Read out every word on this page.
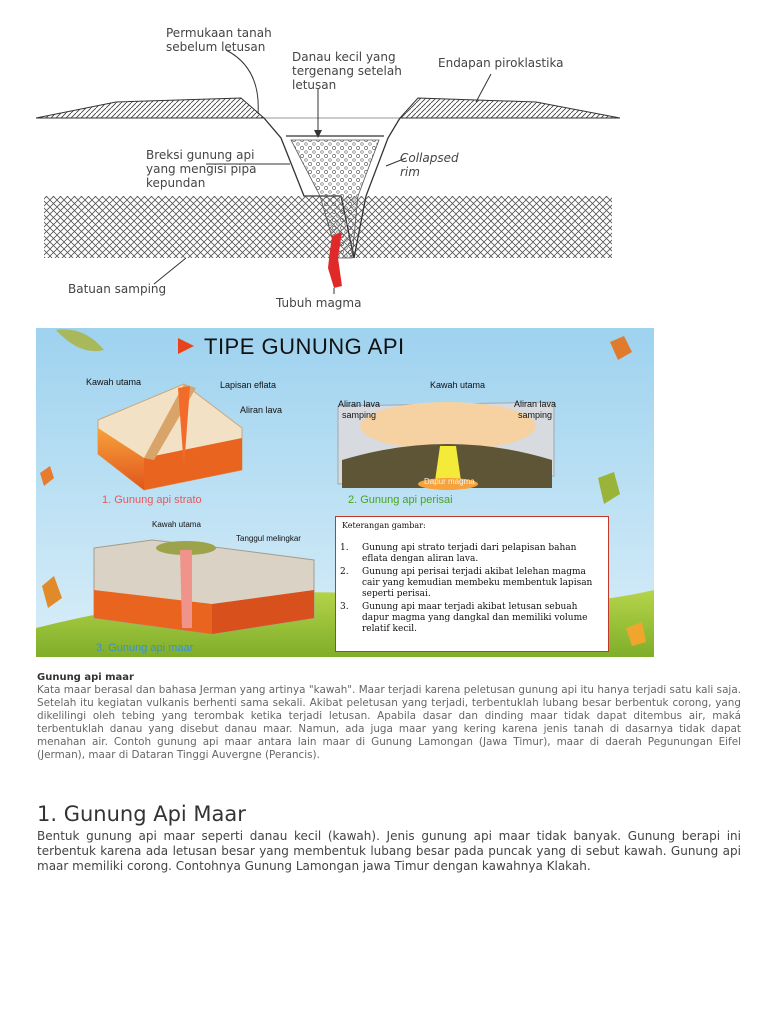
Permukaan tanah
sebelum letusan
Danau kecil yang
tergenang setelah
letusan
Endapan piroklastika
Breksi gunung api
yang mengisi pipa
kepundan
Collapsed
rim
Batuan samping
Tubuh magma
TIPE GUNUNG API
Kawah utama	Lapisan eflata
Aliran lava
1. Gunung api strato
Kawah utama
Aliran lava
samping
Aliran lava
samping
Dapur magma
2. Gunung api perisai
Kawah utama
Tanggul melingkar
3. Gunung api maar
Keterangan gambar:
1.	Gunung api strato terjadi dari pelapisan bahan eflata dengan aliran lava.
2.	Gunung api perisai terjadi akibat lelehan magma cair yang kemudian membeku membentuk lapisan seperti perisai.
3.	Gunung api maar terjadi akibat letusan sebuah dapur magma yang dangkal dan memiliki volume relatif kecil.
Gunung api maar
Kata maar berasal dan bahasa Jerman yang artinya "kawah". Maar terjadi karena peletusan gunung api itu hanya terjadi satu kali saja. Setelah itu kegiatan vulkanis berhenti sama sekali. Akibat peletusan yang terjadi, terbentuklah lubang besar berbentuk corong, yang dikelilingi oleh tebing yang terombak ketika terjadi letusan. Apabila dasar dan dinding maar tidak dapat ditembus air, maká terbentuklah danau yang disebut danau maar. Namun, ada juga maar yang kering karena jenis tanah di dasarnya tidak dapat menahan air. Contoh gunung api maar antara lain maar di Gunung Lamongan (Jawa Timur), maar di daerah Pegunungan Eifel (Jerman), maar di Dataran Tinggi Auvergne (Perancis).
1. Gunung Api Maar
Bentuk gunung api maar seperti danau kecil (kawah). Jenis gunung api maar tidak banyak. Gunung berapi ini terbentuk karena ada letusan besar yang membentuk lubang besar pada puncak yang di sebut kawah. Gunung api maar memiliki corong. Contohnya Gunung Lamongan jawa Timur dengan kawahnya Klakah.
